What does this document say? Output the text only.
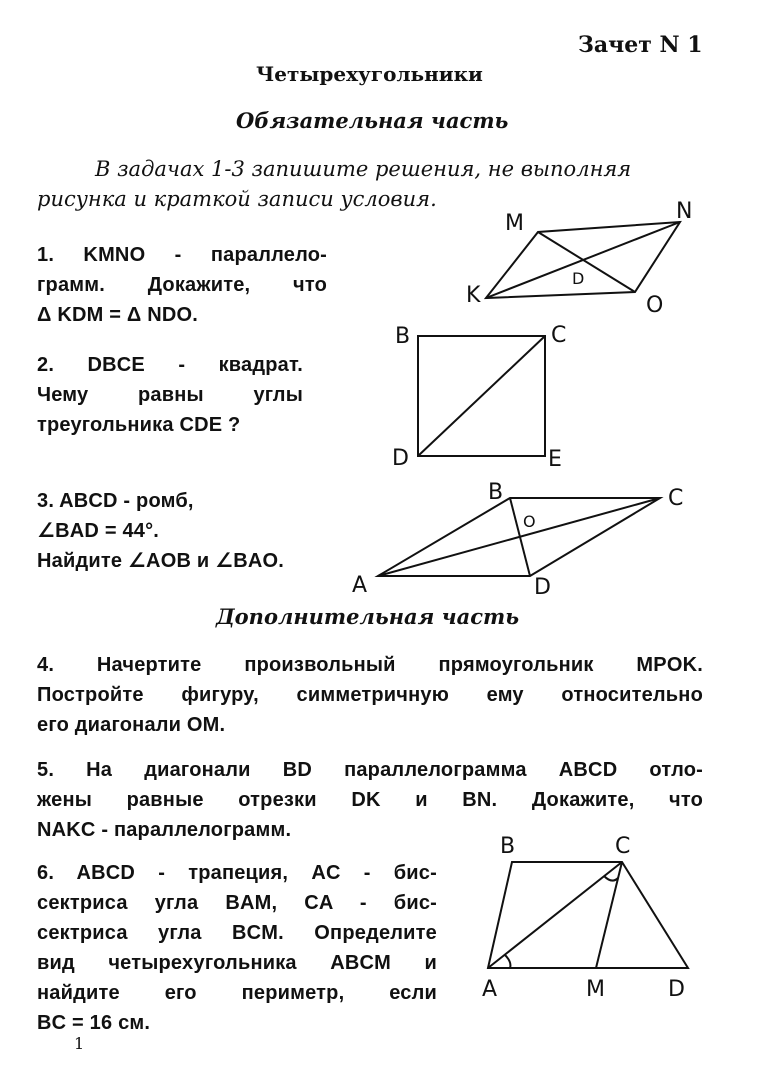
Зачет N 1
Четырехугольники
Обязательная часть
В задачах 1-3 запишите решения, не выполняя
рисунка и краткой записи условия.
1. KMNO - параллело-
грамм. Докажите, что
Δ KDM = Δ NDO.
2. DBCE - квадрат.
Чему равны углы
треугольника CDE ?
3. ABCD - ромб,
∠BAD = 44°.
Найдите ∠AOB и ∠BAO.
Дополнительная часть
4. Начертите произвольный прямоугольник MPOK.
Постройте фигуру, симметричную ему относительно
его диагонали OM.
5. На диагонали BD параллелограмма ABCD отло-
жены равные отрезки DK и BN. Докажите, что
NAKC - параллелограмм.
6. ABCD - трапеция, AC - бис-
сектриса угла BAM, CA - бис-
сектриса угла BCM. Определите
вид четырехугольника ABCM и
найдите его периметр, если
BC = 16 см.
1
M	N
K
D
O
B	C
D	E
B	C
O
A	D
B	C
A	M	D
